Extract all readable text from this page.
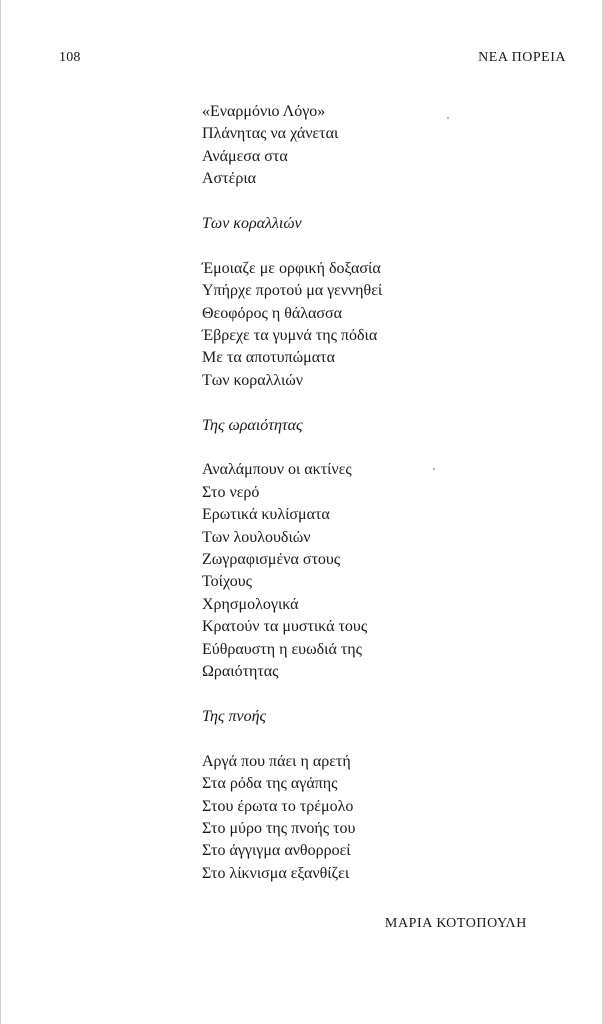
108	ΝΕΑ ΠΟΡΕΙΑ
«Εναρμόνιο Λόγο»
Πλάνητας να χάνεται
Ανάμεσα στα
Αστέρια
Των κοραλλιών
Έμοιαζε με ορφική δοξασία
Υπήρχε προτού μα γεννηθεί
Θεοφόρος η θάλασσα
Έβρεχε τα γυμνά της πόδια
Με τα αποτυπώματα
Των κοραλλιών
Της ωραιότητας
Αναλάμπουν οι ακτίνες
Στο νερό
Ερωτικά κυλίσματα
Των λουλουδιών
Ζωγραφισμένα στους
Τοίχους
Χρησμολογικά
Κρατούν τα μυστικά τους
Εύθραυστη η ευωδιά της
Ωραιότητας
Της πνοής
Αργά που πάει η αρετή
Στα ρόδα της αγάπης
Στου έρωτα το τρέμολο
Στο μύρο της πνοής του
Στο άγγιγμα ανθορροεί
Στο λίκνισμα εξανθίζει
ΜΑΡΙΑ ΚΟΤΟΠΟΥΛΗ
